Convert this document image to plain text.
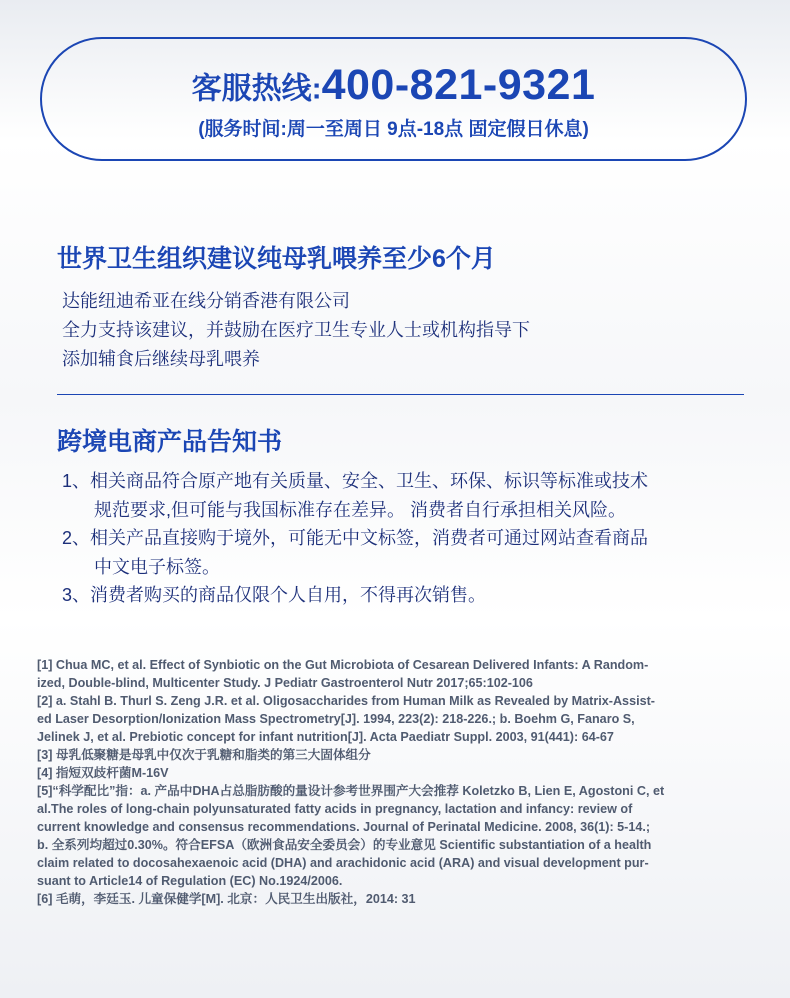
客服热线:400-821-9321
(服务时间:周一至周日 9点-18点 固定假日休息)
世界卫生组织建议纯母乳喂养至少6个月
达能纽迪希亚在线分销香港有限公司
全力支持该建议，并鼓励在医疗卫生专业人士或机构指导下
添加辅食后继续母乳喂养
跨境电商产品告知书
1、相关商品符合原产地有关质量、安全、卫生、环保、标识等标准或技术
规范要求,但可能与我国标准存在差异。 消费者自行承担相关风险。
2、相关产品直接购于境外，可能无中文标签，消费者可通过网站查看商品
中文电子标签。
3、消费者购买的商品仅限个人自用，不得再次销售。
[1] Chua MC, et al. Effect of Synbiotic on the Gut Microbiota of Cesarean Delivered Infants: A Random-
ized, Double-blind, Multicenter Study. J Pediatr Gastroenterol Nutr 2017;65:102-106
[2] a. Stahl B. Thurl S. Zeng J.R. et al. Oligosaccharides from Human Milk as Revealed by Matrix-Assist-
ed Laser Desorption/Ionization Mass Spectrometry[J]. 1994, 223(2): 218-226.; b. Boehm G, Fanaro S,
Jelinek J, et al. Prebiotic concept for infant nutrition[J]. Acta Paediatr Suppl. 2003, 91(441): 64-67
[3] 母乳低聚糖是母乳中仅次于乳糖和脂类的第三大固体组分
[4] 指短双歧杆菌M-16V
[5]“科学配比”指：a. 产品中DHA占总脂肪酸的量设计参考世界围产大会推荐 Koletzko B, Lien E, Agostoni C, et
al.The roles of long-chain polyunsaturated fatty acids in pregnancy, lactation and infancy: review of
current knowledge and consensus recommendations. Journal of Perinatal Medicine. 2008, 36(1): 5-14.;
b. 全系列均超过0.30%。符合EFSA（欧洲食品安全委员会）的专业意见 Scientific substantiation of a health
claim related to docosahexaenoic acid (DHA) and arachidonic acid (ARA) and visual development pur-
suant to Article14 of Regulation (EC) No.1924/2006.
[6] 毛萌，李廷玉. 儿童保健学[M]. 北京：人民卫生出版社，2014: 31
